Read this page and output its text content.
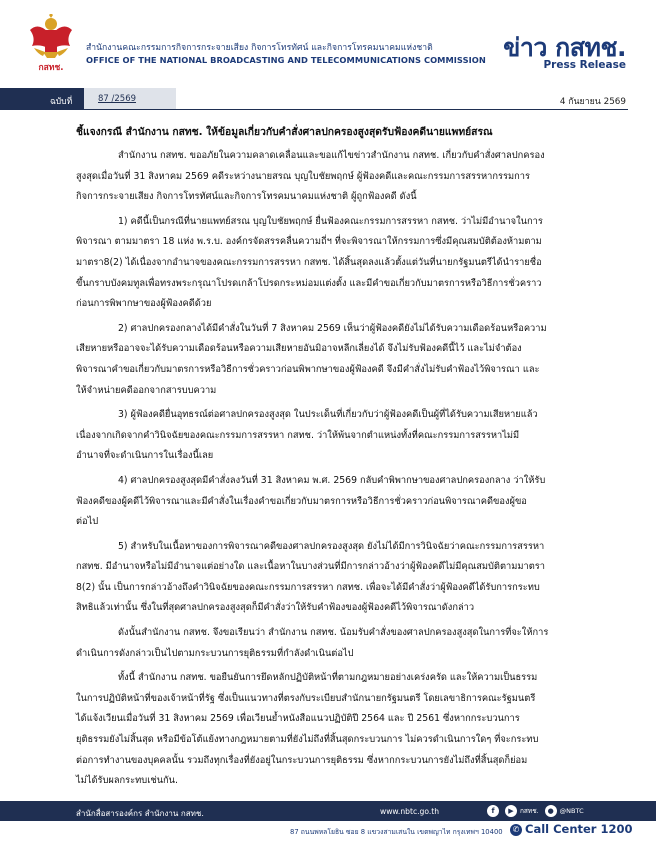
กสทช.
สำนักงานคณะกรรมการกิจการกระจายเสียง กิจการโทรทัศน์ และกิจการโทรคมนาคมแห่งชาติ
OFFICE OF THE NATIONAL BROADCASTING AND TELECOMMUNICATIONS COMMISSION ข่าว กสทช.
Press Release
ฉบับที่	87 /2569	4 กันยายน 2569
ชี้แจงกรณี สำนักงาน กสทช. ให้ข้อมูลเกี่ยวกับคำสั่งศาลปกครองสูงสุดรับฟ้องคดีนายแพทย์สรณ
สำนักงาน กสทช. ขออภัยในความคลาดเคลื่อนและขอแก้ไขข่าวสำนักงาน กสทช. เกี่ยวกับคำสั่งศาลปกครอง
สูงสุดเมื่อวันที่ 31 สิงหาคม 2569 คดีระหว่างนายสรณ บุญใบชัยพฤกษ์ ผู้ฟ้องคดีและคณะกรรมการสรรหากรรมการ
กิจการกระจายเสียง กิจการโทรทัศน์และกิจการโทรคมนาคมแห่งชาติ ผู้ถูกฟ้องคดี ดังนี้
1) คดีนี้เป็นกรณีที่นายแพทย์สรณ บุญใบชัยพฤกษ์ ยื่นฟ้องคณะกรรมการสรรหา กสทช. ว่าไม่มีอำนาจในการ
พิจารณา ตามมาตรา 18 แห่ง พ.ร.บ. องค์กรจัดสรรคลื่นความถี่ฯ ที่จะพิจารณาให้กรรมการซึ่งมีคุณสมบัติต้องห้ามตาม
มาตรา8(2) ได้เนื่องจากอำนาจของคณะกรรมการสรรหา กสทช. ได้สิ้นสุดลงแล้วตั้งแต่วันที่นายกรัฐมนตรีได้นำรายชื่อ
ขึ้นกราบบังคมทูลเพื่อทรงพระกรุณาโปรดเกล้าโปรดกระหม่อมแต่งตั้ง และมีคำขอเกี่ยวกับมาตรการหรือวิธีการชั่วคราว
ก่อนการพิพากษาของผู้ฟ้องคดีด้วย
2) ศาลปกครองกลางได้มีคำสั่งในวันที่ 7 สิงหาคม 2569 เห็นว่าผู้ฟ้องคดียังไม่ได้รับความเดือดร้อนหรือความ
เสียหายหรืออาจจะได้รับความเดือดร้อนหรือความเสียหายอันมิอาจหลีกเลี่ยงได้ จึงไม่รับฟ้องคดีนี้ไว้ และไม่จำต้อง
พิจารณาคำขอเกี่ยวกับมาตรการหรือวิธีการชั่วคราวก่อนพิพากษาของผู้ฟ้องคดี จึงมีคำสั่งไม่รับคำฟ้องไว้พิจารณา และ
ให้จำหน่ายคดีออกจากสารบบความ
3) ผู้ฟ้องคดียื่นอุทธรณ์ต่อศาลปกครองสูงสุด ในประเด็นที่เกี่ยวกับว่าผู้ฟ้องคดีเป็นผู้ที่ได้รับความเสียหายแล้ว
เนื่องจากเกิดจากคำวินิจฉัยของคณะกรรมการสรรหา กสทช. ว่าให้พ้นจากตำแหน่งทั้งที่คณะกรรมการสรรหาไม่มี
อำนาจที่จะดำเนินการในเรื่องนี้เลย
4) ศาลปกครองสูงสุดมีคำสั่งลงวันที่ 31 สิงหาคม พ.ศ. 2569 กลับคำพิพากษาของศาลปกครองกลาง ว่าให้รับ
ฟ้องคดีของผู้คดีไว้พิจารณาและมีคำสั่งในเรื่องคำขอเกี่ยวกับมาตรการหรือวิธีการชั่วคราวก่อนพิจารณาคดีของผู้ขอ
ต่อไป
5) สำหรับในเนื้อหาของการพิจารณาคดีของศาลปกครองสูงสุด ยังไม่ได้มีการวินิจฉัยว่าคณะกรรมการสรรหา
กสทช. มีอำนาจหรือไม่มีอำนาจแต่อย่างใด และเนื้อหาในบางส่วนที่มีการกล่าวอ้างว่าผู้ฟ้องคดีไม่มีคุณสมบัติตามมาตรา
8(2) นั้น เป็นการกล่าวอ้างถึงคำวินิจฉัยของคณะกรรมการสรรหา กสทช. เพื่อจะได้มีคำสั่งว่าผู้ฟ้องคดีได้รับการกระทบ
สิทธิแล้วเท่านั้น ซึ่งในที่สุดศาลปกครองสูงสุดก็มีคำสั่งว่าให้รับคำฟ้องของผู้ฟ้องคดีไว้พิจารณาดังกล่าว
ดังนั้นสำนักงาน กสทช. จึงขอเรียนว่า สำนักงาน กสทช. น้อมรับคำสั่งของศาลปกครองสูงสุดในการที่จะให้การ
ดำเนินการดังกล่าวเป็นไปตามกระบวนการยุติธรรมที่กำลังดำเนินต่อไป
ทั้งนี้ สำนักงาน กสทช. ขอยืนยันการยึดหลักปฏิบัติหน้าที่ตามกฎหมายอย่างเคร่งครัด และให้ความเป็นธรรม
ในการปฏิบัติหน้าที่ของเจ้าหน้าที่รัฐ ซึ่งเป็นแนวทางที่ตรงกับระเบียบสำนักนายกรัฐมนตรี โดยเลขาธิการคณะรัฐมนตรี
ได้แจ้งเวียนเมื่อวันที่ 31 สิงหาคม 2569 เพื่อเวียนย้ำหนังสือแนวปฏิบัติปี 2564 และ ปี 2561 ซึ่งหากกระบวนการ
ยุติธรรมยังไม่สิ้นสุด หรือมีข้อโต้แย้งทางกฎหมายตามที่ยังไม่ถึงที่สิ้นสุดกระบวนการ ไม่ควรดำเนินการใดๆ ที่จะกระทบ
ต่อการทำงานของบุคคลนั้น รวมถึงทุกเรื่องที่ยังอยู่ในกระบวนการยุติธรรม ซึ่งหากกระบวนการยังไม่ถึงที่สิ้นสุดก็ย่อม
ไม่ได้รับผลกระทบเช่นกัน.
สำนักสื่อสารองค์กร สำนักงาน กสทช.	www.nbtc.go.th	f	▶ กสทช.	● @NBTC
87 ถนนพหลโยธิน ซอย 8 แขวงสามเสนใน เขตพญาไท กรุงเทพฯ 10400	✆ Call Center 1200
